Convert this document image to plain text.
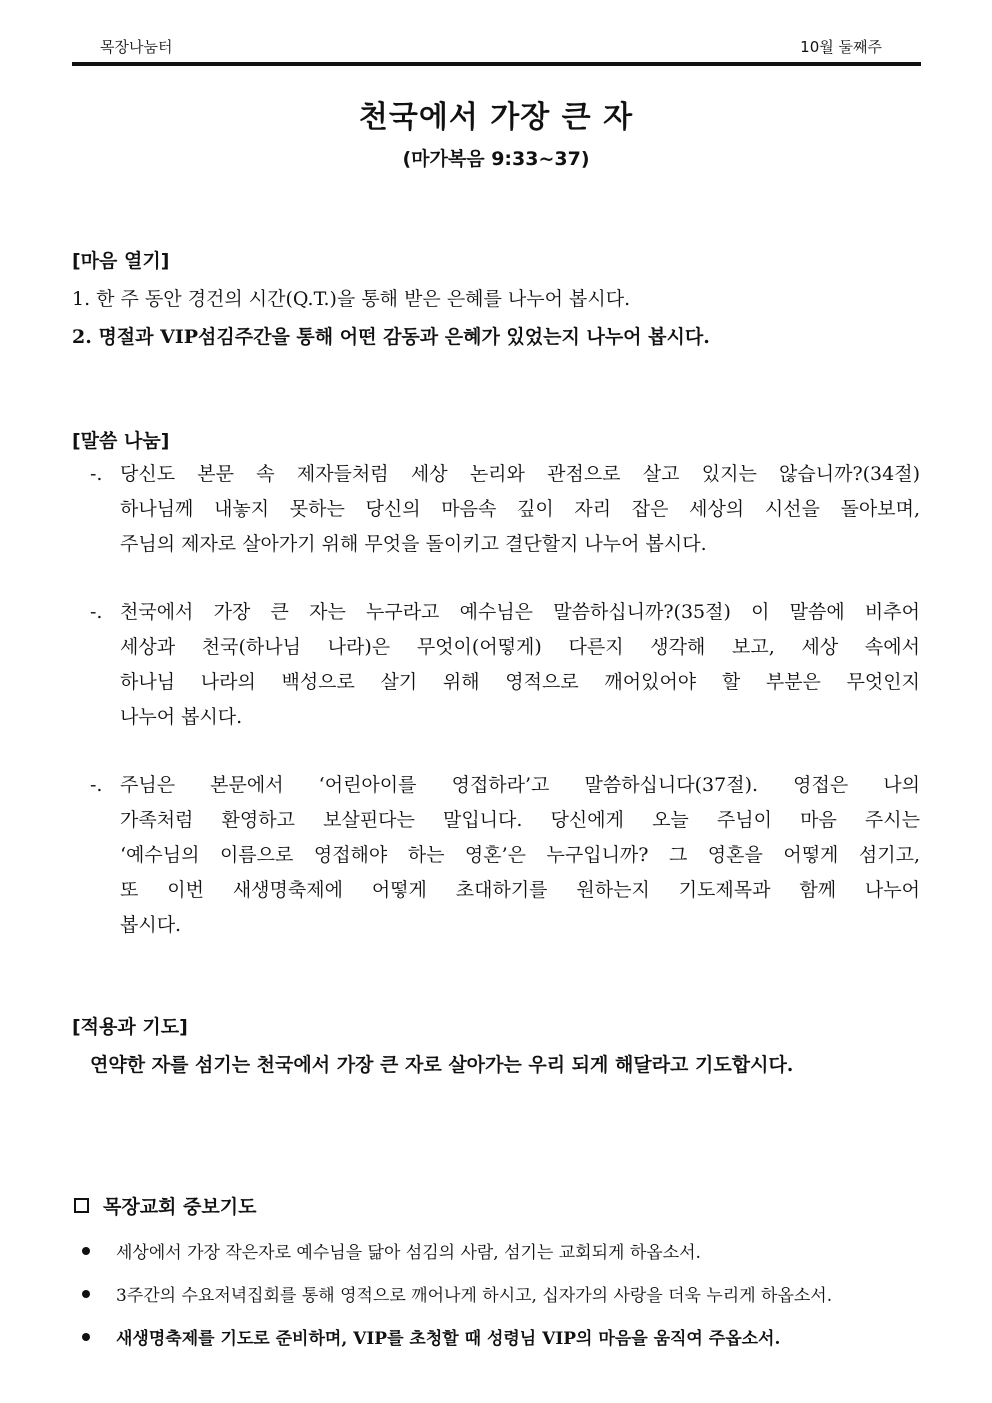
목장나눔터	10월 둘째주
천국에서 가장 큰 자
(마가복음 9:33~37)
[마음 열기]
1. 한 주 동안 경건의 시간(Q.T.)을 통해 받은 은혜를 나누어 봅시다.
2. 명절과 VIP섬김주간을 통해 어떤 감동과 은혜가 있었는지 나누어 봅시다.
[말씀 나눔]
-. 당신도 본문 속 제자들처럼 세상 논리와 관점으로 살고 있지는 않습니까?(34절)
하나님께 내놓지 못하는 당신의 마음속 깊이 자리 잡은 세상의 시선을 돌아보며,
주님의 제자로 살아가기 위해 무엇을 돌이키고 결단할지 나누어 봅시다.
-. 천국에서 가장 큰 자는 누구라고 예수님은 말씀하십니까?(35절) 이 말씀에 비추어
세상과 천국(하나님 나라)은 무엇이(어떻게) 다른지 생각해 보고, 세상 속에서
하나님 나라의 백성으로 살기 위해 영적으로 깨어있어야 할 부분은 무엇인지
나누어 봅시다.
-. 주님은 본문에서 ‘어린아이를 영접하라’고 말씀하십니다(37절). 영접은 나의
가족처럼 환영하고 보살핀다는 말입니다. 당신에게 오늘 주님이 마음 주시는
‘예수님의 이름으로 영접해야 하는 영혼’은 누구입니까? 그 영혼을 어떻게 섬기고,
또 이번 새생명축제에 어떻게 초대하기를 원하는지 기도제목과 함께 나누어
봅시다.
[적용과 기도]
연약한 자를 섬기는 천국에서 가장 큰 자로 살아가는 우리 되게 해달라고 기도합시다.
목장교회 중보기도
세상에서 가장 작은자로 예수님을 닮아 섬김의 사람, 섬기는 교회되게 하옵소서.
3주간의 수요저녁집회를 통해 영적으로 깨어나게 하시고, 십자가의 사랑을 더욱 누리게 하옵소서.
새생명축제를 기도로 준비하며, VIP를 초청할 때 성령님 VIP의 마음을 움직여 주옵소서.
